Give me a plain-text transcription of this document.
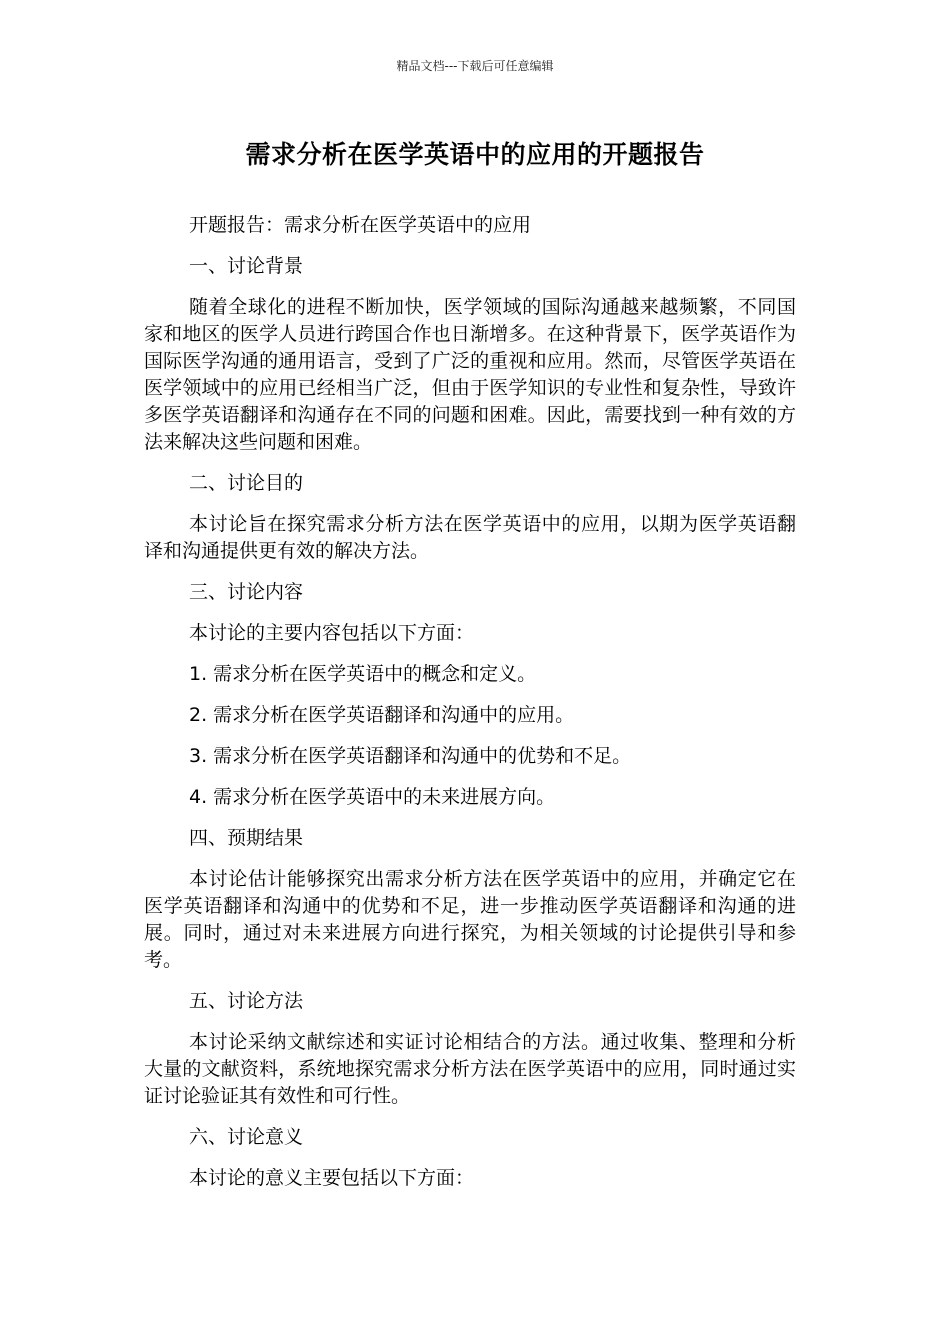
精品文档---下载后可任意编辑
需求分析在医学英语中的应用的开题报告

开题报告：需求分析在医学英语中的应用

一、讨论背景

随着全球化的进程不断加快，医学领域的国际沟通越来越频繁，不同国家和地区的医学人员进行跨国合作也日渐增多。在这种背景下，医学英语作为国际医学沟通的通用语言，受到了广泛的重视和应用。然而，尽管医学英语在医学领域中的应用已经相当广泛，但由于医学知识的专业性和复杂性，导致许多医学英语翻译和沟通存在不同的问题和困难。因此，需要找到一种有效的方法来解决这些问题和困难。

二、讨论目的

本讨论旨在探究需求分析方法在医学英语中的应用，以期为医学英语翻译和沟通提供更有效的解决方法。

三、讨论内容

本讨论的主要内容包括以下方面：

1. 需求分析在医学英语中的概念和定义。

2. 需求分析在医学英语翻译和沟通中的应用。

3. 需求分析在医学英语翻译和沟通中的优势和不足。

4. 需求分析在医学英语中的未来进展方向。

四、预期结果

本讨论估计能够探究出需求分析方法在医学英语中的应用，并确定它在医学英语翻译和沟通中的优势和不足，进一步推动医学英语翻译和沟通的进展。同时，通过对未来进展方向进行探究，为相关领域的讨论提供引导和参考。

五、讨论方法

本讨论采纳文献综述和实证讨论相结合的方法。通过收集、整理和分析大量的文献资料，系统地探究需求分析方法在医学英语中的应用，同时通过实证讨论验证其有效性和可行性。

六、讨论意义

本讨论的意义主要包括以下方面：
